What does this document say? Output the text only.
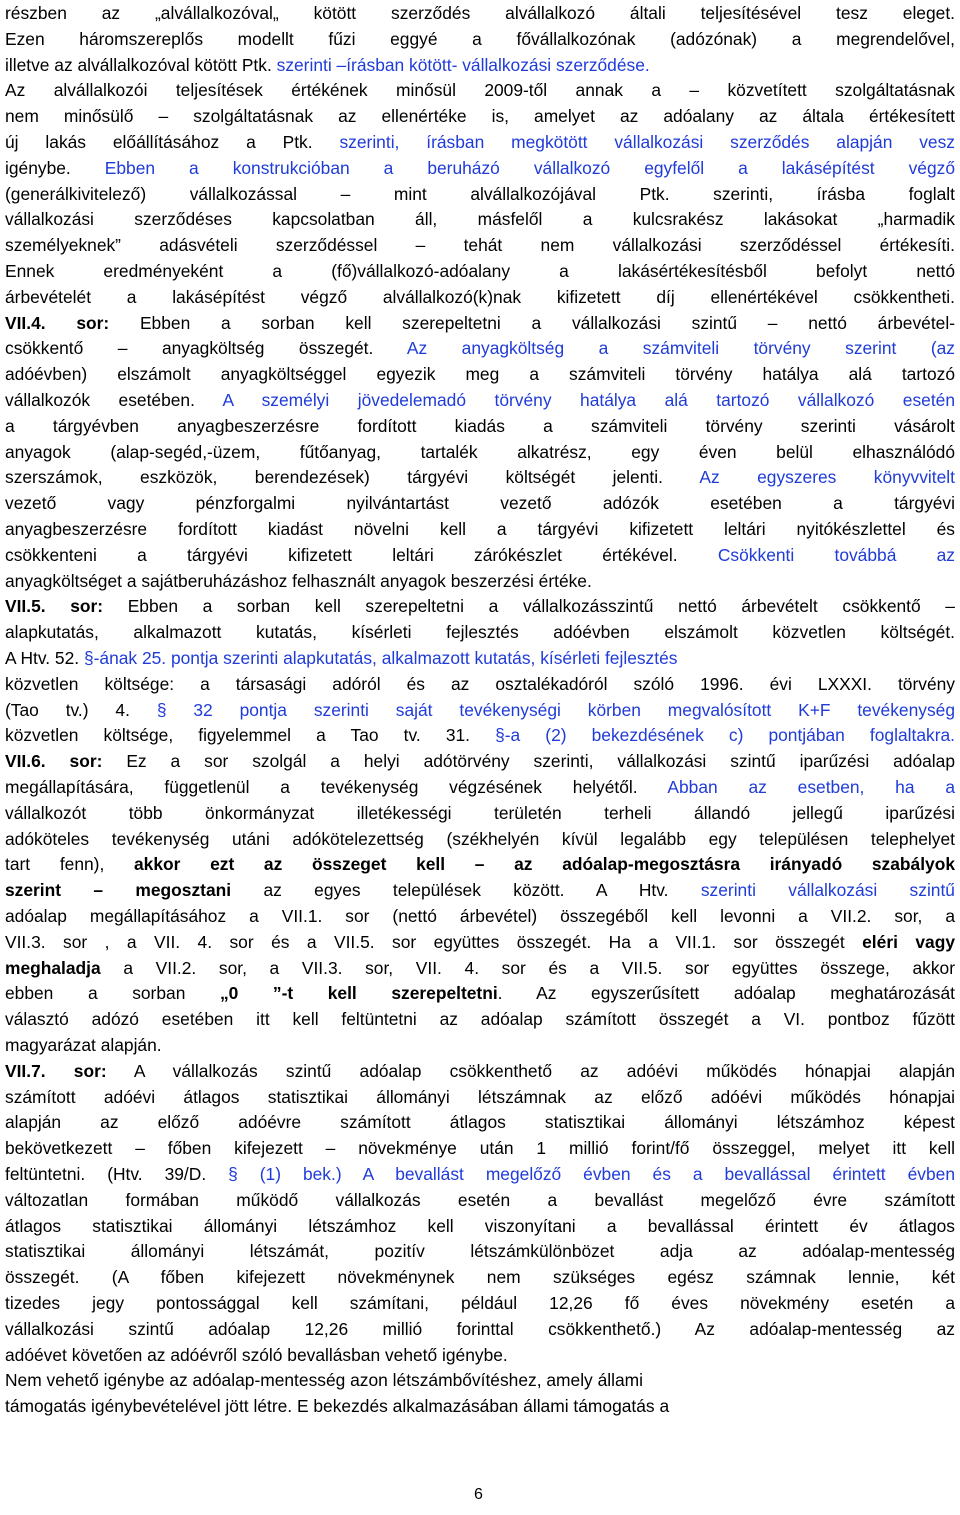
részben az „alvállalkozóval„ kötött szerződés alvállalkozó általi teljesítésével tesz eleget.
Ezen háromszereplős modellt fűzi eggyé a fővállalkozónak (adózónak) a megrendelővel,
illetve az alvállalkozóval kötött Ptk. szerinti –írásban kötött- vállalkozási szerződése.
Az alvállalkozói teljesítések értékének minősül 2009-től annak a – közvetített szolgáltatásnak
nem minősülő – szolgáltatásnak az ellenértéke is, amelyet az adóalany az általa értékesített
új lakás előállításához a Ptk. szerinti, írásban megkötött vállalkozási szerződés alapján vesz
igénybe. Ebben a konstrukcióban a beruházó vállalkozó egyfelől a lakásépítést végző
(generálkivitelező) vállalkozással – mint alvállalkozójával Ptk. szerinti, írásba foglalt
vállalkozási szerződéses kapcsolatban áll, másfelől a kulcsrakész lakásokat „harmadik
személyeknek” adásvételi szerződéssel – tehát nem vállalkozási szerződéssel értékesíti.
Ennek eredményeként a (fő)vállalkozó-adóalany a lakásértékesítésből befolyt nettó
árbevételét a lakásépítést végző alvállalkozó(k)nak kifizetett díj ellenértékével csökkentheti.
VII.4. sor: Ebben a sorban kell szerepeltetni a vállalkozási szintű – nettó árbevétel-
csökkentő – anyagköltség összegét. Az anyagköltség a számviteli törvény szerint (az
adóévben) elszámolt anyagköltséggel egyezik meg a számviteli törvény hatálya alá tartozó
vállalkozók esetében. A személyi jövedelemadó törvény hatálya alá tartozó vállalkozó esetén
a tárgyévben anyagbeszerzésre fordított kiadás a számviteli törvény szerinti vásárolt
anyagok (alap-segéd,-üzem, fűtőanyag, tartalék alkatrész, egy éven belül elhasználódó
szerszámok, eszközök, berendezések) tárgyévi költségét jelenti. Az egyszeres könyvvitelt
vezető vagy pénzforgalmi nyilvántartást vezető adózók esetében a tárgyévi
anyagbeszerzésre fordított kiadást növelni kell a tárgyévi kifizetett leltári nyitókészlettel és
csökkenteni a tárgyévi kifizetett leltári zárókészlet értékével. Csökkenti továbbá az
anyagköltséget a sajátberuházáshoz felhasznált anyagok beszerzési értéke.
VII.5. sor: Ebben a sorban kell szerepeltetni a vállalkozásszintű nettó árbevételt csökkentő –
alapkutatás, alkalmazott kutatás, kísérleti fejlesztés adóévben elszámolt közvetlen költségét.
A Htv. 52. §-ának 25. pontja szerinti alapkutatás, alkalmazott kutatás, kísérleti fejlesztés
közvetlen költsége: a társasági adóról és az osztalékadóról szóló 1996. évi LXXXI. törvény
(Tao tv.) 4. § 32 pontja szerinti saját tevékenységi körben megvalósított K+F tevékenység
közvetlen költsége, figyelemmel a Tao tv. 31. §-a (2) bekezdésének c) pontjában foglaltakra.
VII.6. sor: Ez a sor szolgál a helyi adótörvény szerinti, vállalkozási szintű iparűzési adóalap
megállapítására, függetlenül a tevékenység végzésének helyétől. Abban az esetben, ha a
vállalkozót több önkormányzat illetékességi területén terheli állandó jellegű iparűzési
adóköteles tevékenység utáni adókötelezettség (székhelyén kívül legalább egy településen telephelyet
tart fenn), akkor ezt az összeget kell – az adóalap-megosztásra irányadó szabályok
szerint – megosztani az egyes települések között. A Htv. szerinti vállalkozási szintű
adóalap megállapításához a VII.1. sor (nettó árbevétel) összegéből kell levonni a VII.2. sor, a
VII.3. sor , a VII. 4. sor és a VII.5. sor együttes összegét. Ha a VII.1. sor összegét eléri vagy
meghaladja a VII.2. sor, a VII.3. sor, VII. 4. sor és a VII.5. sor együttes összege, akkor
ebben a sorban „0 ”-t kell szerepeltetni. Az egyszerűsített adóalap meghatározását
választó adózó esetében itt kell feltüntetni az adóalap számított összegét a VI. pontboz fűzött
magyarázat alapján.
VII.7. sor: A vállalkozás szintű adóalap csökkenthető az adóévi működés hónapjai alapján
számított adóévi átlagos statisztikai állományi létszámnak az előző adóévi működés hónapjai
alapján az előző adóévre számított átlagos statisztikai állományi létszámhoz képest
bekövetkezett – főben kifejezett – növekménye után 1 millió forint/fő összeggel, melyet itt kell
feltüntetni. (Htv. 39/D. § (1) bek.) A bevallást megelőző évben és a bevallással érintett évben
változatlan formában működő vállalkozás esetén a bevallást megelőző évre számított
átlagos statisztikai állományi létszámhoz kell viszonyítani a bevallással érintett év átlagos
statisztikai állományi létszámát, pozitív létszámkülönbözet adja az adóalap-mentesség
összegét. (A főben kifejezett növekménynek nem szükséges egész számnak lennie, két
tizedes jegy pontossággal kell számítani, például 12,26 fő éves növekmény esetén a
vállalkozási szintű adóalap 12,26 millió forinttal csökkenthető.) Az adóalap-mentesség az
adóévet követően az adóévről szóló bevallásban vehető igénybe.
Nem vehető igénybe az adóalap-mentesség azon létszámbővítéshez, amely állami
támogatás igénybevételével jött létre. E bekezdés alkalmazásában állami támogatás a
6
